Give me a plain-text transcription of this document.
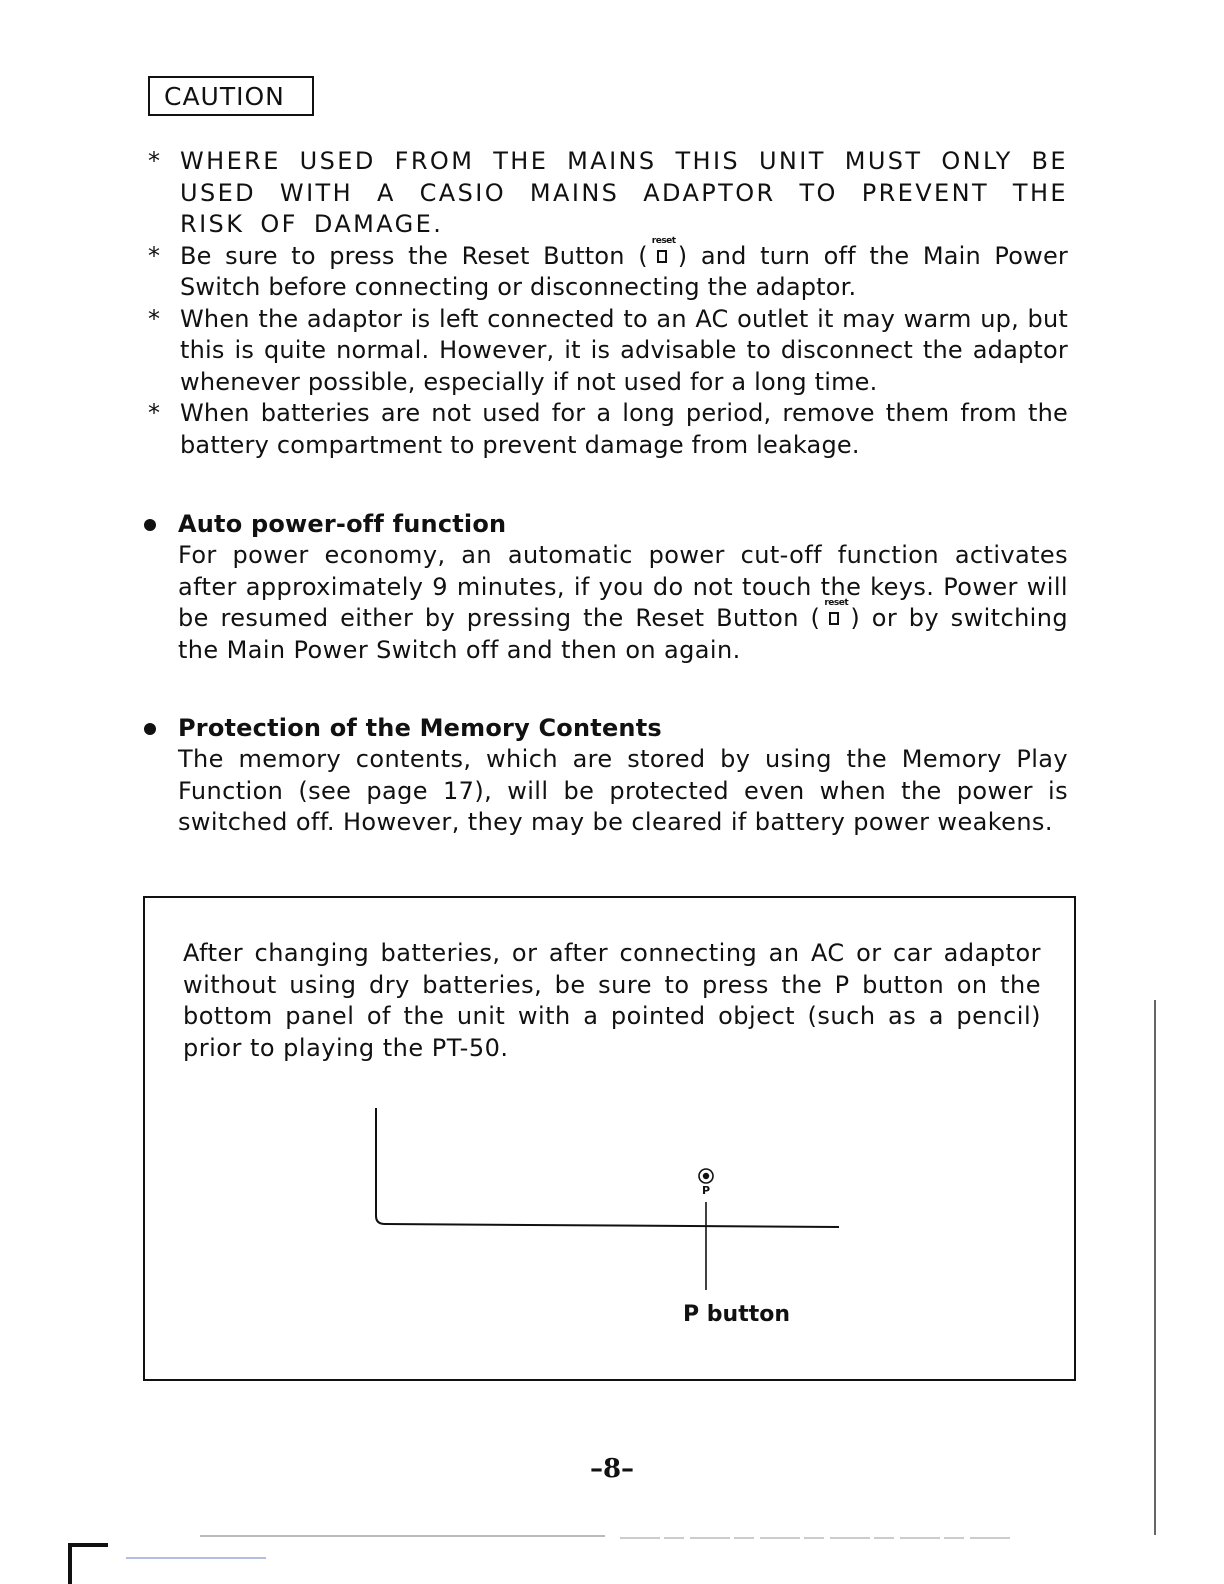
CAUTION
* WHERE USED FROM THE MAINS THIS UNIT MUST ONLY BE USED WITH A CASIO MAINS ADAPTOR TO PREVENT THE RISK OF DAMAGE.
* Be sure to press the Reset Button (
reset
) and turn off the Main Power Switch before connecting or disconnecting the adaptor.
* When the adaptor is left connected to an AC outlet it may warm up, but this is quite normal. However, it is advisable to disconnect the adaptor whenever possible, especially if not used for a long time.
* When batteries are not used for a long period, remove them from the battery compartment to prevent damage from leakage.
Auto power-off function
For power economy, an automatic power cut-off function activates after approximately 9 minutes, if you do not touch the keys. Power will be resumed either by pressing the Reset Button (
reset
) or by switching the Main Power Switch off and then on again.
Protection of the Memory Contents
The memory contents, which are stored by using the Memory Play Function (see page 17), will be protected even when the power is switched off. However, they may be cleared if battery power weakens.
After changing batteries, or after connecting an AC or car adaptor without using dry batteries, be sure to press the P button on the bottom panel of the unit with a pointed object (such as a pencil) prior to playing the PT-50.
P
P button
–8–
